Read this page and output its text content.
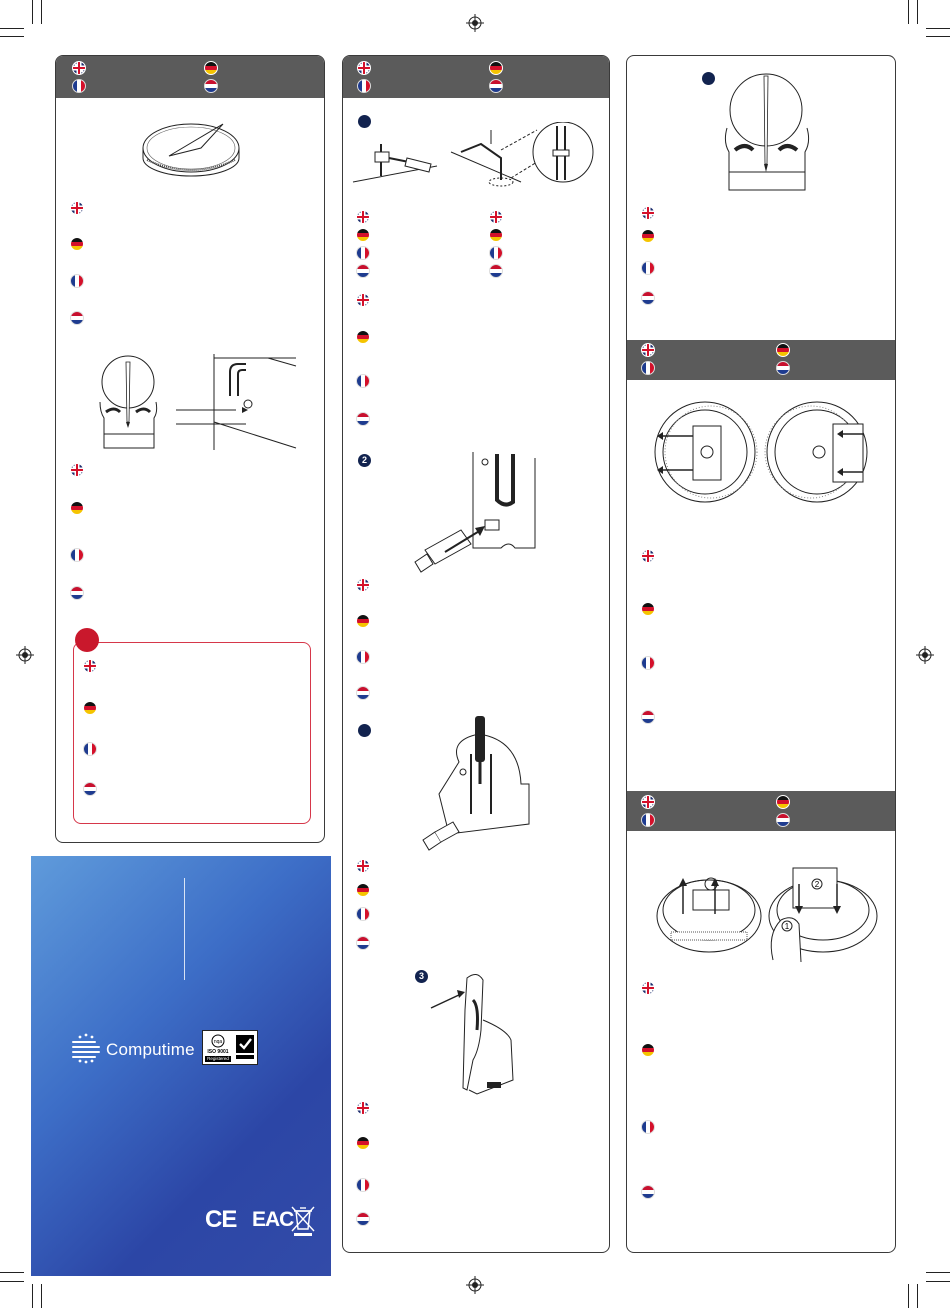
Computime	nqa
ISO 9001
Registered
CE EAC
2
3
2
1
